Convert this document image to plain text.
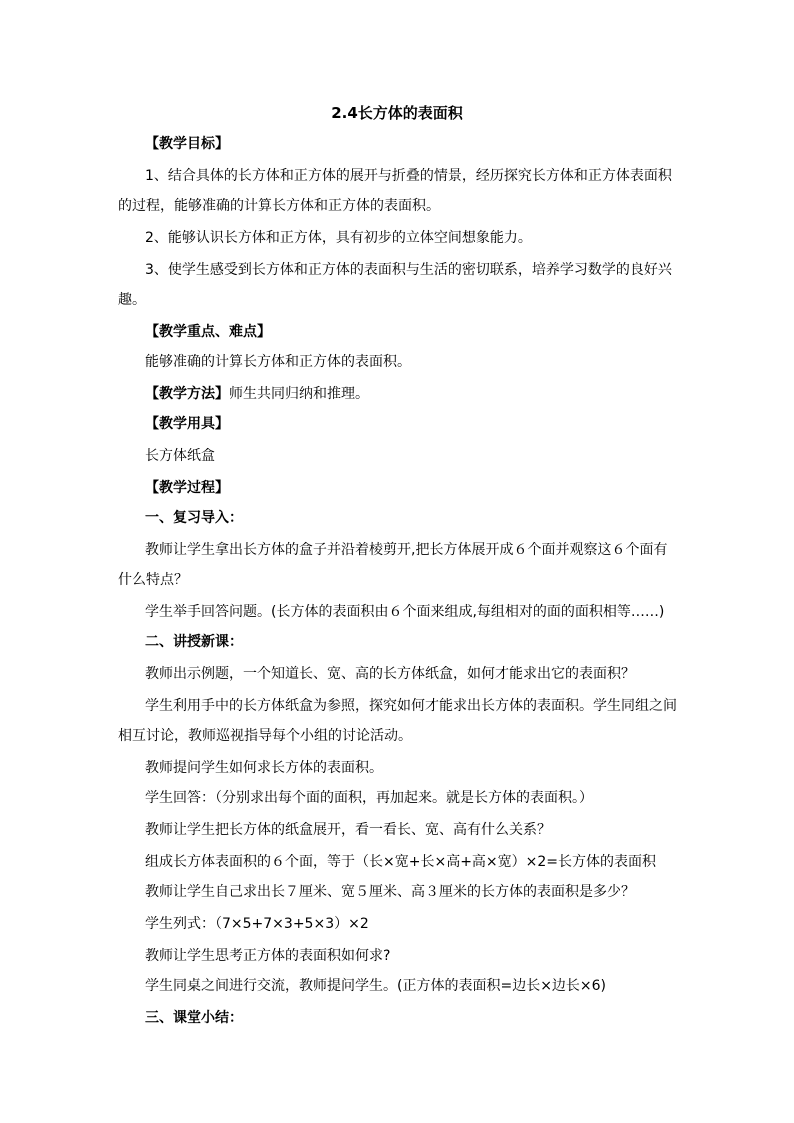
2.4长方体的表面积
【教学目标】
1、结合具体的长方体和正方体的展开与折叠的情景，经历探究长方体和正方体表面积
的过程，能够准确的计算长方体和正方体的表面积。
2、能够认识长方体和正方体，具有初步的立体空间想象能力。
3、使学生感受到长方体和正方体的表面积与生活的密切联系，培养学习数学的良好兴
趣。
【教学重点、难点】
能够准确的计算长方体和正方体的表面积。
【教学方法】师生共同归纳和推理。
【教学用具】
长方体纸盒
【教学过程】
一、复习导入：
教师让学生拿出长方体的盒子并沿着棱剪开,把长方体展开成６个面并观察这６个面有
什么特点？
学生举手回答问题。(长方体的表面积由６个面来组成,每组相对的面的面积相等……)
二、讲授新课：
教师出示例题，一个知道长、宽、高的长方体纸盒，如何才能求出它的表面积？
学生利用手中的长方体纸盒为参照，探究如何才能求出长方体的表面积。学生同组之间
相互讨论，教师巡视指导每个小组的讨论活动。
教师提问学生如何求长方体的表面积。
学生回答：（分别求出每个面的面积，再加起来。就是长方体的表面积。）
教师让学生把长方体的纸盒展开，看一看长、宽、高有什么关系？
组成长方体表面积的６个面，等于（长×宽+长×高+高×宽）×2=长方体的表面积
教师让学生自己求出长７厘米、宽５厘米、高３厘米的长方体的表面积是多少？
学生列式：（7×5+7×3+5×3）×2
教师让学生思考正方体的表面积如何求?
学生同桌之间进行交流，教师提问学生。(正方体的表面积=边长×边长×6)
三、课堂小结：
